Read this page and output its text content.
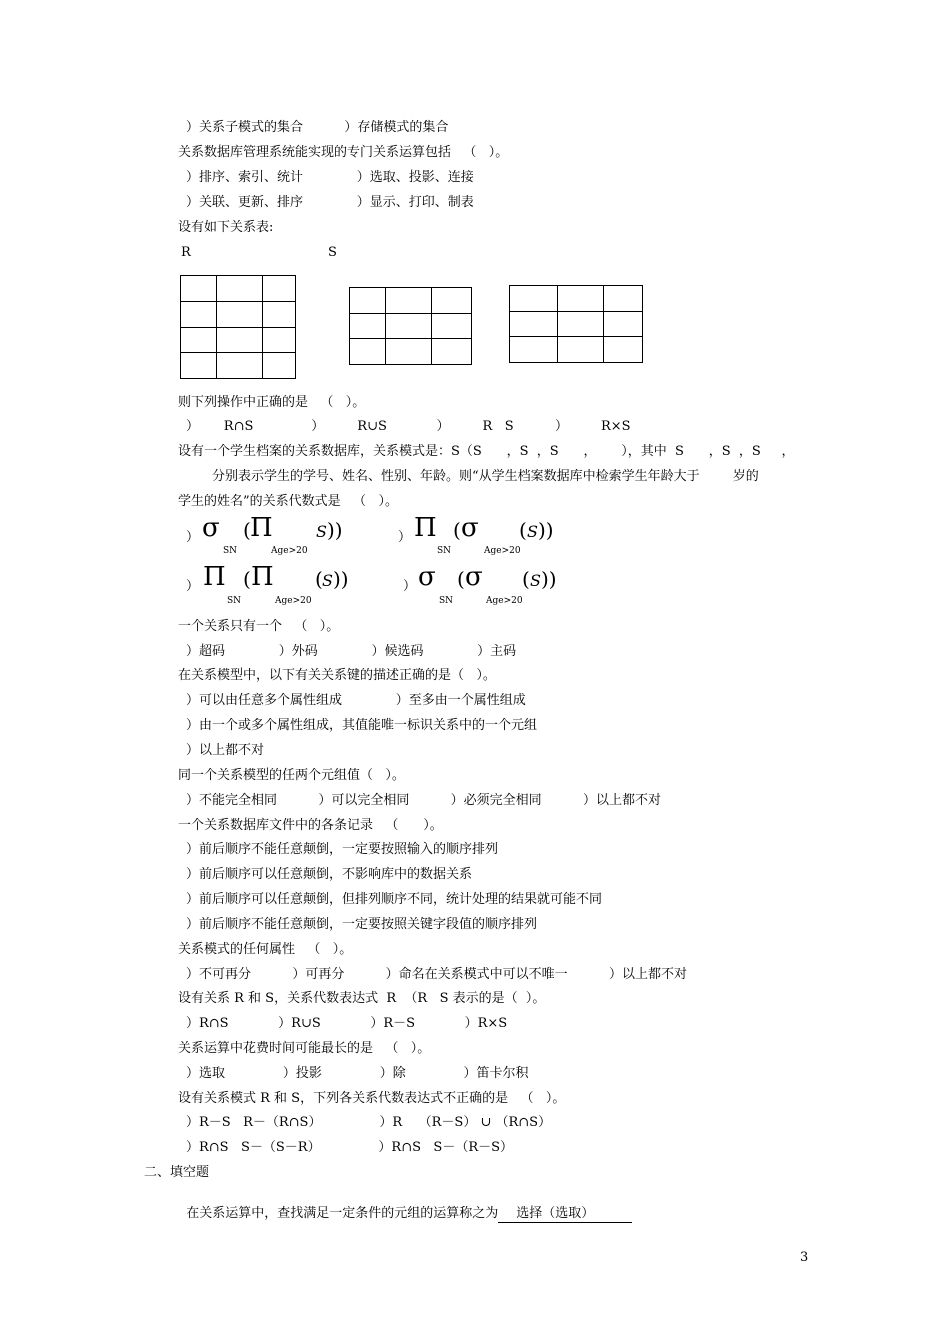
）关系子模式的集合          ）存储模式的集合
关系数据库管理系统能实现的专门关系运算包括   （   ）。
）排序、索引、统计             ）选取、投影、连接
）关联、更新、排序             ）显示、打印、制表
设有如下关系表:
R	S

则下列操作中正确的是   （   ）。
）      R∩S              ）        R∪S            ）        R   S          ）        R×S
设有一个学生档案的关系数据库，关系模式是：S（S      ，S  ，S      ，      ），其中  S      ，S  ，S     ，
分别表示学生的学号、姓名、性别、年龄。则“从学生档案数据库中检索学生年龄大于        岁的
学生的姓名”的关系代数式是   （   ）。
） σ
SN
( Π
Age>20
S ))	） Π
SN
( σ
Age>20
( S ))
） Π
SN
( Π
Age>20
( S ))	） σ
SN
( σ
Age>20
( S ))
一个关系只有一个   （   ）。
）超码             ）外码             ）候选码             ）主码
在关系模型中，以下有关关系键的描述正确的是（   ）。
）可以由任意多个属性组成             ）至多由一个属性组成
）由一个或多个属性组成，其值能唯一标识关系中的一个元组
）以上都不对
同一个关系模型的任两个元组值（   ）。
）不能完全相同          ）可以完全相同          ）必须完全相同          ）以上都不对
一个关系数据库文件中的各条记录   （      ）。
）前后顺序不能任意颠倒，一定要按照输入的顺序排列
）前后顺序可以任意颠倒，不影响库中的数据关系
）前后顺序可以任意颠倒，但排列顺序不同，统计处理的结果就可能不同
）前后顺序不能任意颠倒，一定要按照关键字段值的顺序排列
关系模式的任何属性   （   ）。
）不可再分          ）可再分          ）命名在关系模式中可以不唯一          ）以上都不对
设有关系 R 和 S，关系代数表达式  R  （R   S 表示的是（  ）。
）R∩S            ）R∪S            ）R－S            ）R×S
关系运算中花费时间可能最长的是   （   ）。
）选取              ）投影              ）除              ）笛卡尔积
设有关系模式 R 和 S，下列各关系代数表达式不正确的是   （   ）。
）R－S   R－（R∩S）              ）R    （R－S） ∪ （R∩S）
）R∩S   S－（S－R）              ）R∩S   S－（R－S）
二、填空题

在关系运算中，查找满足一定条件的元组的运算称之为 选择（选取）

3
